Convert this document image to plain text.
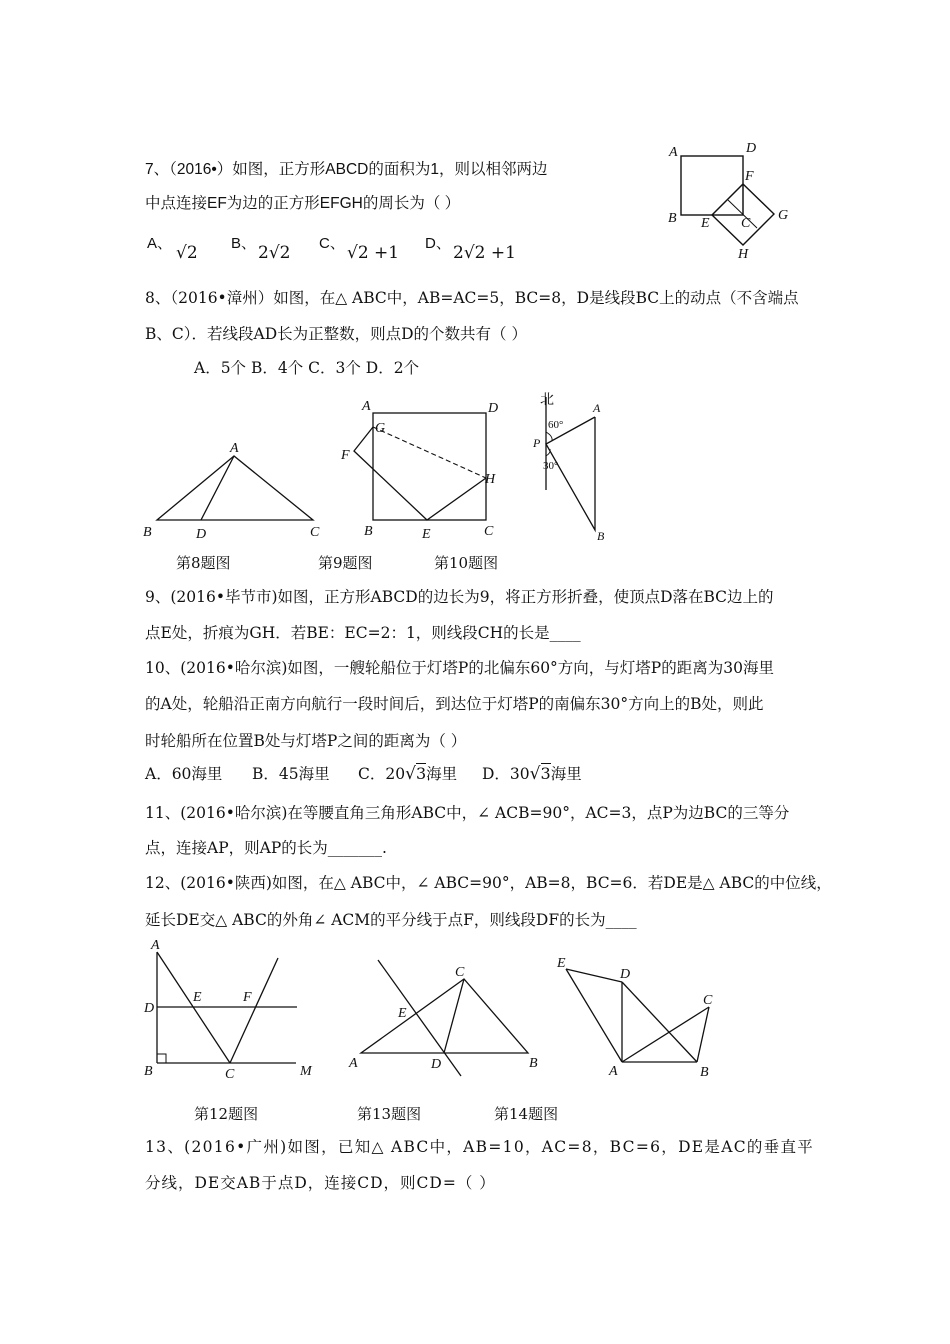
7、（2016•）如图，正方形ABCD的面积为1，则以相邻两边
中点连接EF为边的正方形EFGH的周长为（ ）
A、 √2 B、 2√2 C、 √2 +1 D、 2√2 +1
A	D
F
B E C
G
H
8、（2016•漳州）如图，在△ ABC中，AB=AC=5，BC=8，D是线段BC上的动点（不含端点
B、C）．若线段AD长为正整数，则点D的个数共有（ ）
A．5个 B．4个 C．3个 D．2个
A
B	D	C
A	D
G
F
H
B	E	C
北
60°
30°
P
A
B
第8题图	第9题图	第10题图
9、(2016•毕节市)如图，正方形ABCD的边长为9，将正方形折叠，使顶点D落在BC边上的
点E处，折痕为GH．若BE：EC=2：1，则线段CH的长是____
10、(2016•哈尔滨)如图，一艘轮船位于灯塔P的北偏东60°方向，与灯塔P的距离为30海里
的A处，轮船沿正南方向航行一段时间后，到达位于灯塔P的南偏东30°方向上的B处，则此
时轮船所在位置B处与灯塔P之间的距离为（ ）
A．60海里 B．45海里 C．20√3海里 D．30√3海里
11、(2016•哈尔滨)在等腰直角三角形ABC中，∠ ACB=90°，AC=3，点P为边BC的三等分
点，连接AP，则AP的长为_______.
12、(2016•陕西)如图，在△ ABC中，∠ ABC=90°，AB=8，BC=6．若DE是△ ABC的中位线，
延长DE交△ ABC的外角∠ ACM的平分线于点F，则线段DF的长为____
A
D
E	F
B	C	M
C
E
A	D	B
E
D
C
A	B
第12题图	第13题图	第14题图
13、(2016•广州)如图，已知△ ABC中，AB=10，AC=8，BC=6，DE是AC的垂直平
分线，DE交AB于点D，连接CD，则CD=（ ）
